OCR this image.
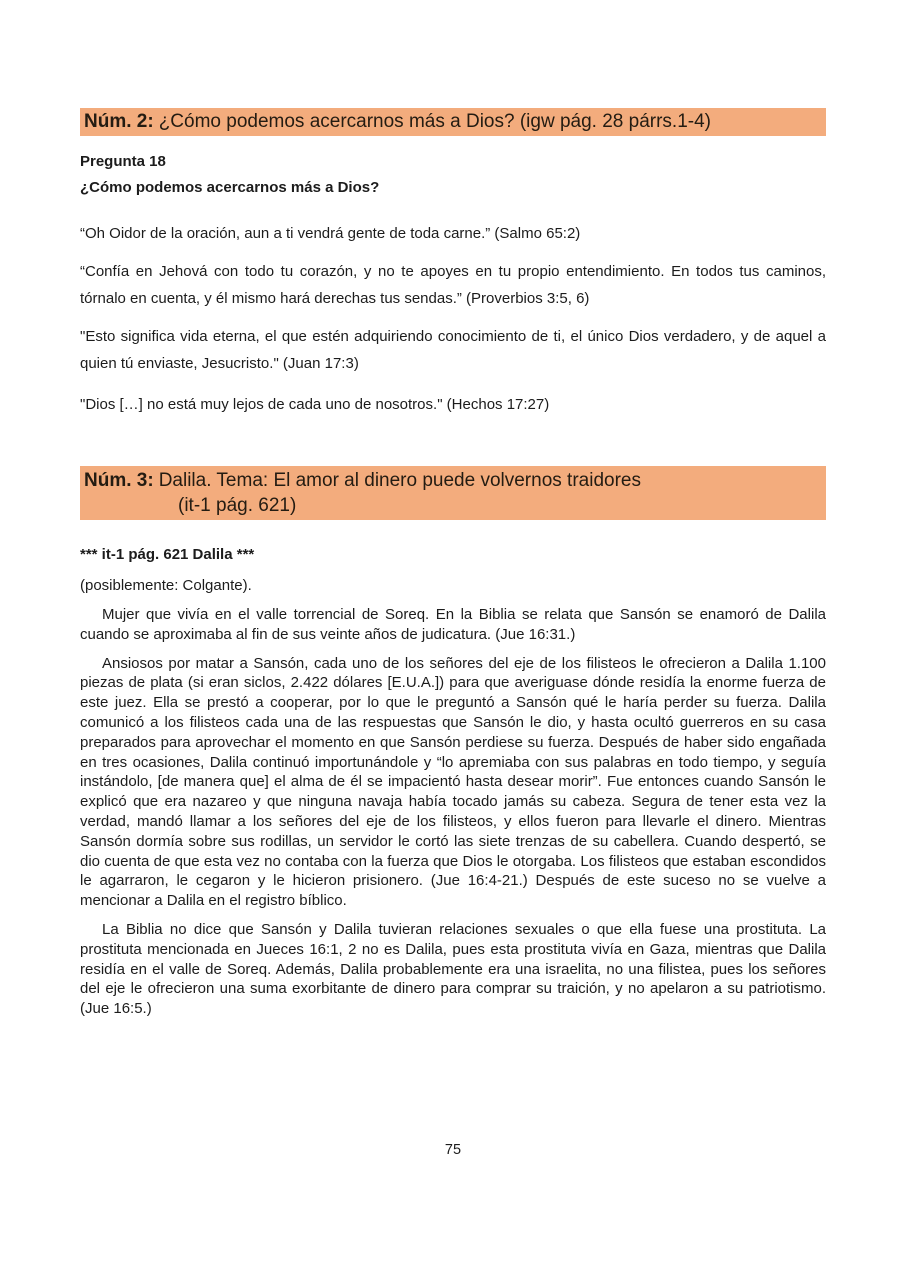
Núm. 2: ¿Cómo podemos acercarnos más a Dios? (igw pág. 28 párrs.1-4)
Pregunta 18
¿Cómo podemos acercarnos más a Dios?

“Oh Oidor de la oración, aun a ti vendrá gente de toda carne.” (Salmo 65:2)

“Confía en Jehová con todo tu corazón, y no te apoyes en tu propio entendimiento. En todos tus caminos, tórnalo en cuenta, y él mismo hará derechas tus sendas.” (Proverbios 3:5, 6)

"Esto significa vida eterna, el que estén adquiriendo conocimiento de ti, el único Dios verdadero, y de aquel a quien tú enviaste, Jesucristo." (Juan 17:3)

"Dios […] no está muy lejos de cada uno de nosotros." (Hechos 17:27)

Núm. 3: Dalila. Tema: El amor al dinero puede volvernos traidores
(it-1 pág. 621)
*** it-1 pág. 621 Dalila ***
(posiblemente: Colgante).

Mujer que vivía en el valle torrencial de Soreq. En la Biblia se relata que Sansón se enamoró de Dalila cuando se aproximaba al fin de sus veinte años de judicatura. (Jue 16:31.)

Ansiosos por matar a Sansón, cada uno de los señores del eje de los filisteos le ofrecieron a Dalila 1.100 piezas de plata (si eran siclos, 2.422 dólares [E.U.A.]) para que averiguase dónde residía la enorme fuerza de este juez. Ella se prestó a cooperar, por lo que le preguntó a Sansón qué le haría perder su fuerza. Dalila comunicó a los filisteos cada una de las respuestas que Sansón le dio, y hasta ocultó guerreros en su casa preparados para aprovechar el momento en que Sansón perdiese su fuerza. Después de haber sido engañada en tres ocasiones, Dalila continuó importunándole y “lo apremiaba con sus palabras en todo tiempo, y seguía instándolo, [de manera que] el alma de él se impacientó hasta desear morir”. Fue entonces cuando Sansón le explicó que era nazareo y que ninguna navaja había tocado jamás su cabeza. Segura de tener esta vez la verdad, mandó llamar a los señores del eje de los filisteos, y ellos fueron para llevarle el dinero. Mientras Sansón dormía sobre sus rodillas, un servidor le cortó las siete trenzas de su cabellera. Cuando despertó, se dio cuenta de que esta vez no contaba con la fuerza que Dios le otorgaba. Los filisteos que estaban escondidos le agarraron, le cegaron y le hicieron prisionero. (Jue 16:4-21.) Después de este suceso no se vuelve a mencionar a Dalila en el registro bíblico.

La Biblia no dice que Sansón y Dalila tuvieran relaciones sexuales o que ella fuese una prostituta. La prostituta mencionada en Jueces 16:1, 2 no es Dalila, pues esta prostituta vivía en Gaza, mientras que Dalila residía en el valle de Soreq. Además, Dalila probablemente era una israelita, no una filistea, pues los señores del eje le ofrecieron una suma exorbitante de dinero para comprar su traición, y no apelaron a su patriotismo. (Jue 16:5.)

75
